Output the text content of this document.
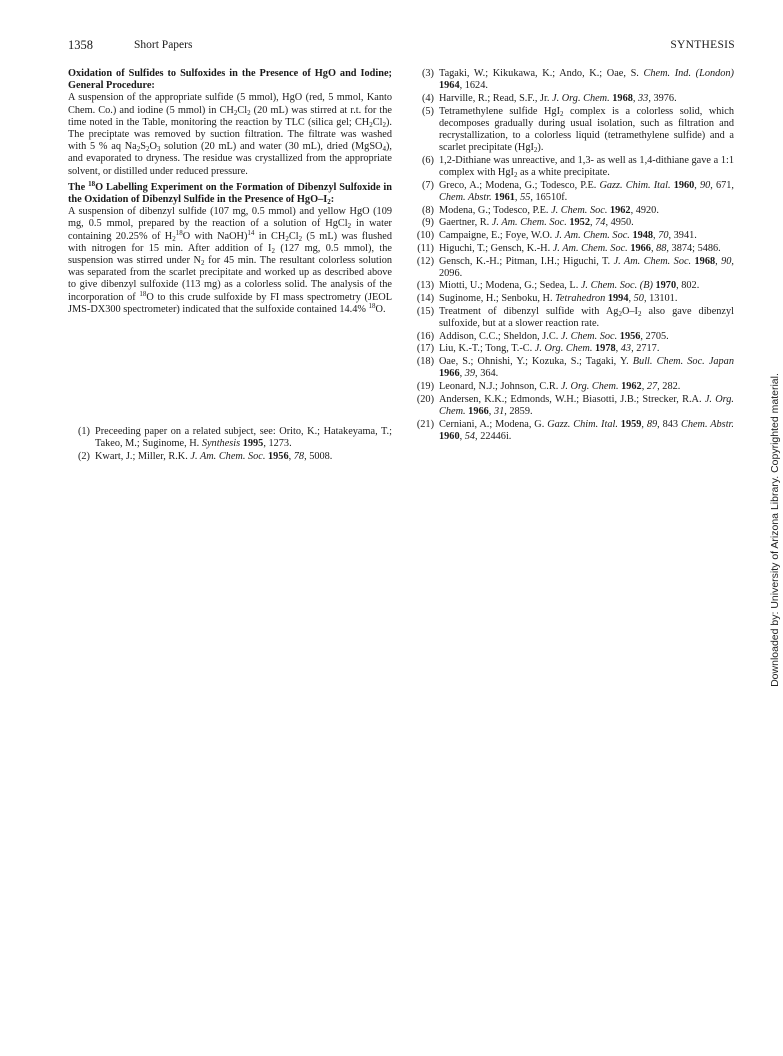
1358	Short Papers	SYNTHESIS

Oxidation of Sulfides to Sulfoxides in the Presence of HgO and Iodine; General Procedure:

A suspension of the appropriate sulfide (5 mmol), HgO (red, 5 mmol, Kanto Chem. Co.) and iodine (5 mmol) in $CH_2Cl_2$ (20 mL) was stirred at r.t. for the time noted in the Table, monitoring the reaction by TLC (silica gel; $CH_2Cl_2$). The preciptate was removed by suction filtration. The filtrate was washed with 5 % aq $Na_2S_2O_3$ solution (20 mL) and water (30 mL), dried (MgSO$_4$), and evaporated to dryness. The residue was crystallized from the appropriate solvent, or distilled under reduced pressure.

The $^{18}$O Labelling Experiment on the Formation of Dibenzyl Sulfoxide in the Oxidation of Dibenzyl Sulfide in the Presence of HgO–$I_2$:

A suspension of dibenzyl sulfide (107 mg, 0.5 mmol) and yellow HgO (109 mg, 0.5 mmol, prepared by the reaction of a solution of HgCl$_2$ in water containing 20.25% of $H_2^{18}O$ with NaOH)$^{14}$ in $CH_2Cl_2$ (5 mL) was flushed with nitrogen for 15 min. After addition of $I_2$ (127 mg, 0.5 mmol), the suspension was stirred under $N_2$ for 45 min. The resultant colorless solution was separated from the scarlet precipitate and worked up as described above to give dibenzyl sulfoxide (113 mg) as a colorless solid. The analysis of the incorporation of $^{18}$O to this crude sulfoxide by FI mass spectrometry (JEOL JMS-DX300 spectrometer) indicated that the sulfoxide contained 14.4% $^{18}$O.

(1) Preceeding paper on a related subject, see: Orito, K.; Hatakeyama, T.; Takeo, M.; Suginome, H. Synthesis 1995, 1273.
(2) Kwart, J.; Miller, R.K. J. Am. Chem. Soc. 1956, 78, 5008.
(3) Tagaki, W.; Kikukawa, K.; Ando, K.; Oae, S. Chem. Ind. (London) 1964, 1624.
(4) Harville, R.; Read, S.F., Jr. J. Org. Chem. 1968, 33, 3976.
(5) Tetramethylene sulfide HgI$_2$ complex is a colorless solid, which decomposes gradually during usual isolation, such as filtration and recrystallization, to a colorless liquid (tetramethylene sulfide) and a scarlet precipitate (HgI$_2$).
(6) 1,2-Dithiane was unreactive, and 1,3- as well as 1,4-dithiane gave a 1:1 complex with HgI$_2$ as a white precipitate.
(7) Greco, A.; Modena, G.; Todesco, P.E. Gazz. Chim. Ital. 1960, 90, 671, Chem. Abstr. 1961, 55, 16510f.
(8) Modena, G.; Todesco, P.E. J. Chem. Soc. 1962, 4920.
(9) Gaertner, R. J. Am. Chem. Soc. 1952, 74, 4950.
(10) Campaigne, E.; Foye, W.O. J. Am. Chem. Soc. 1948, 70, 3941.
(11) Higuchi, T.; Gensch, K.-H. J. Am. Chem. Soc. 1966, 88, 3874; 5486.
(12) Gensch, K.-H.; Pitman, I.H.; Higuchi, T. J. Am. Chem. Soc. 1968, 90, 2096.
(13) Miotti, U.; Modena, G.; Sedea, L. J. Chem. Soc. (B) 1970, 802.
(14) Suginome, H.; Senboku, H. Tetrahedron 1994, 50, 13101.
(15) Treatment of dibenzyl sulfide with $Ag_2O-I_2$ also gave dibenzyl sulfoxide, but at a slower reaction rate.
(16) Addison, C.C.; Sheldon, J.C. J. Chem. Soc. 1956, 2705.
(17) Liu, K.-T.; Tong, T.-C. J. Org. Chem. 1978, 43, 2717.
(18) Oae, S.; Ohnishi, Y.; Kozuka, S.; Tagaki, Y. Bull. Chem. Soc. Japan 1966, 39, 364.
(19) Leonard, N.J.; Johnson, C.R. J. Org. Chem. 1962, 27, 282.
(20) Andersen, K.K.; Edmonds, W.H.; Biasotti, J.B.; Strecker, R.A. J. Org. Chem. 1966, 31, 2859.
(21) Cerniani, A.; Modena, G. Gazz. Chim. Ital. 1959, 89, 843 Chem. Abstr. 1960, 54, 22446i.	Downloaded by: University of Arizona Library. Copyrighted material.
